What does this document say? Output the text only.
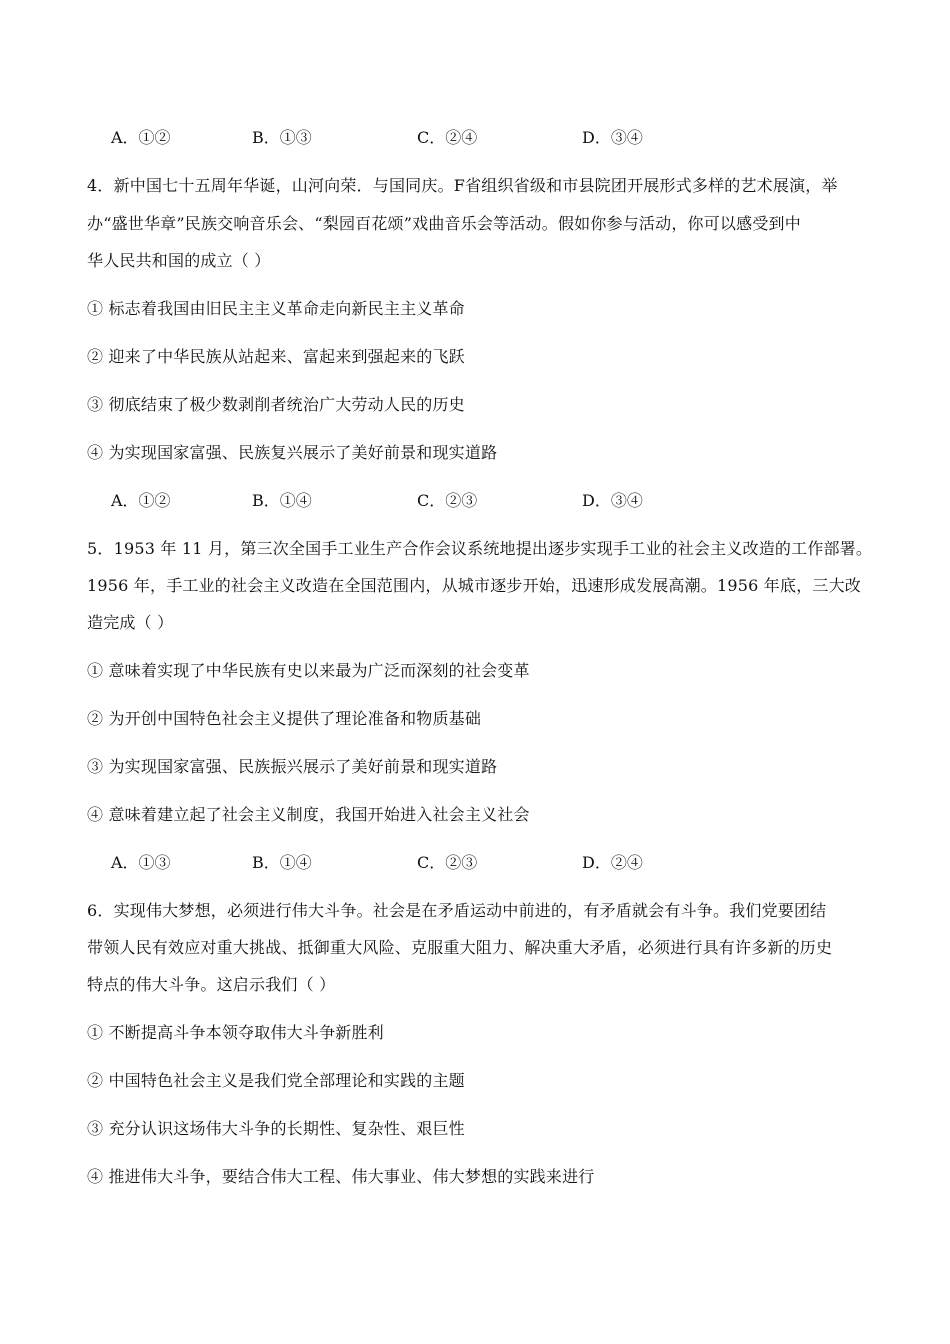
A．①②	B．①③	C．②④	D．③④
4．新中国七十五周年华诞，山河向荣．与国同庆。F省组织省级和市县院团开展形式多样的艺术展演，举
办“盛世华章”民族交响音乐会、“梨园百花颂”戏曲音乐会等活动。假如你参与活动，你可以感受到中
华人民共和国的成立（ ）
① 标志着我国由旧民主主义革命走向新民主主义革命
② 迎来了中华民族从站起来、富起来到强起来的飞跃
③ 彻底结束了极少数剥削者统治广大劳动人民的历史
④ 为实现国家富强、民族复兴展示了美好前景和现实道路
A．①②	B．①④	C．②③	D．③④
5．1953 年 11 月，第三次全国手工业生产合作会议系统地提出逐步实现手工业的社会主义改造的工作部署。
1956 年，手工业的社会主义改造在全国范围内，从城市逐步开始，迅速形成发展高潮。1956 年底，三大改
造完成（ ）
① 意味着实现了中华民族有史以来最为广泛而深刻的社会变革
② 为开创中国特色社会主义提供了理论准备和物质基础
③ 为实现国家富强、民族振兴展示了美好前景和现实道路
④ 意味着建立起了社会主义制度，我国开始进入社会主义社会
A．①③	B．①④	C．②③	D．②④
6．实现伟大梦想，必须进行伟大斗争。社会是在矛盾运动中前进的，有矛盾就会有斗争。我们党要团结
带领人民有效应对重大挑战、抵御重大风险、克服重大阻力、解决重大矛盾，必须进行具有许多新的历史
特点的伟大斗争。这启示我们（ ）
① 不断提高斗争本领夺取伟大斗争新胜利
② 中国特色社会主义是我们党全部理论和实践的主题
③ 充分认识这场伟大斗争的长期性、复杂性、艰巨性
④ 推进伟大斗争，要结合伟大工程、伟大事业、伟大梦想的实践来进行
